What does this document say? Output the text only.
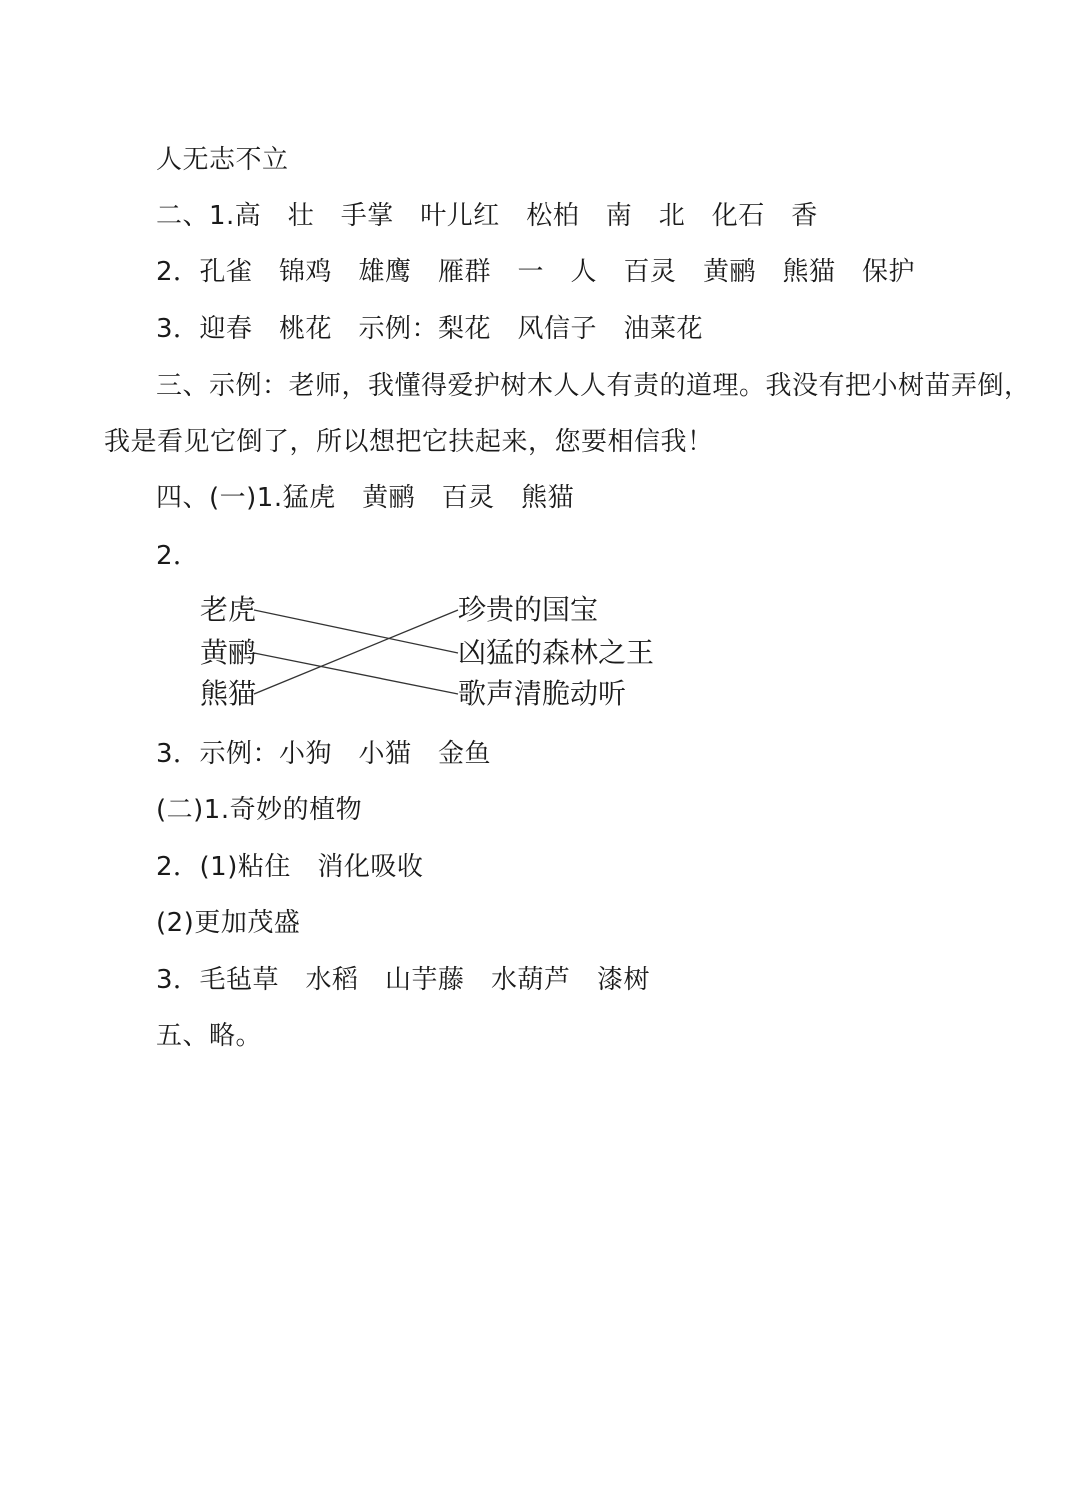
人无志不立
二、1.高　壮　手掌　叶儿红　松柏　南　北　化石　香
2．孔雀　锦鸡　雄鹰　雁群　一　人　百灵　黄鹂　熊猫　保护
3．迎春　桃花　示例：梨花　风信子　油菜花
三、示例：老师，我懂得爱护树木人人有责的道理。我没有把小树苗弄倒，
我是看见它倒了，所以想把它扶起来，您要相信我！
四、(一)1.猛虎　黄鹂　百灵　熊猫
2．
老虎
黄鹂
熊猫
珍贵的国宝
凶猛的森林之王
歌声清脆动听
3．示例：小狗　小猫　金鱼
(二)1.奇妙的植物
2．(1)粘住　消化吸收
(2)更加茂盛
3．毛毡草　水稻　山芋藤　水葫芦　漆树
五、略。
